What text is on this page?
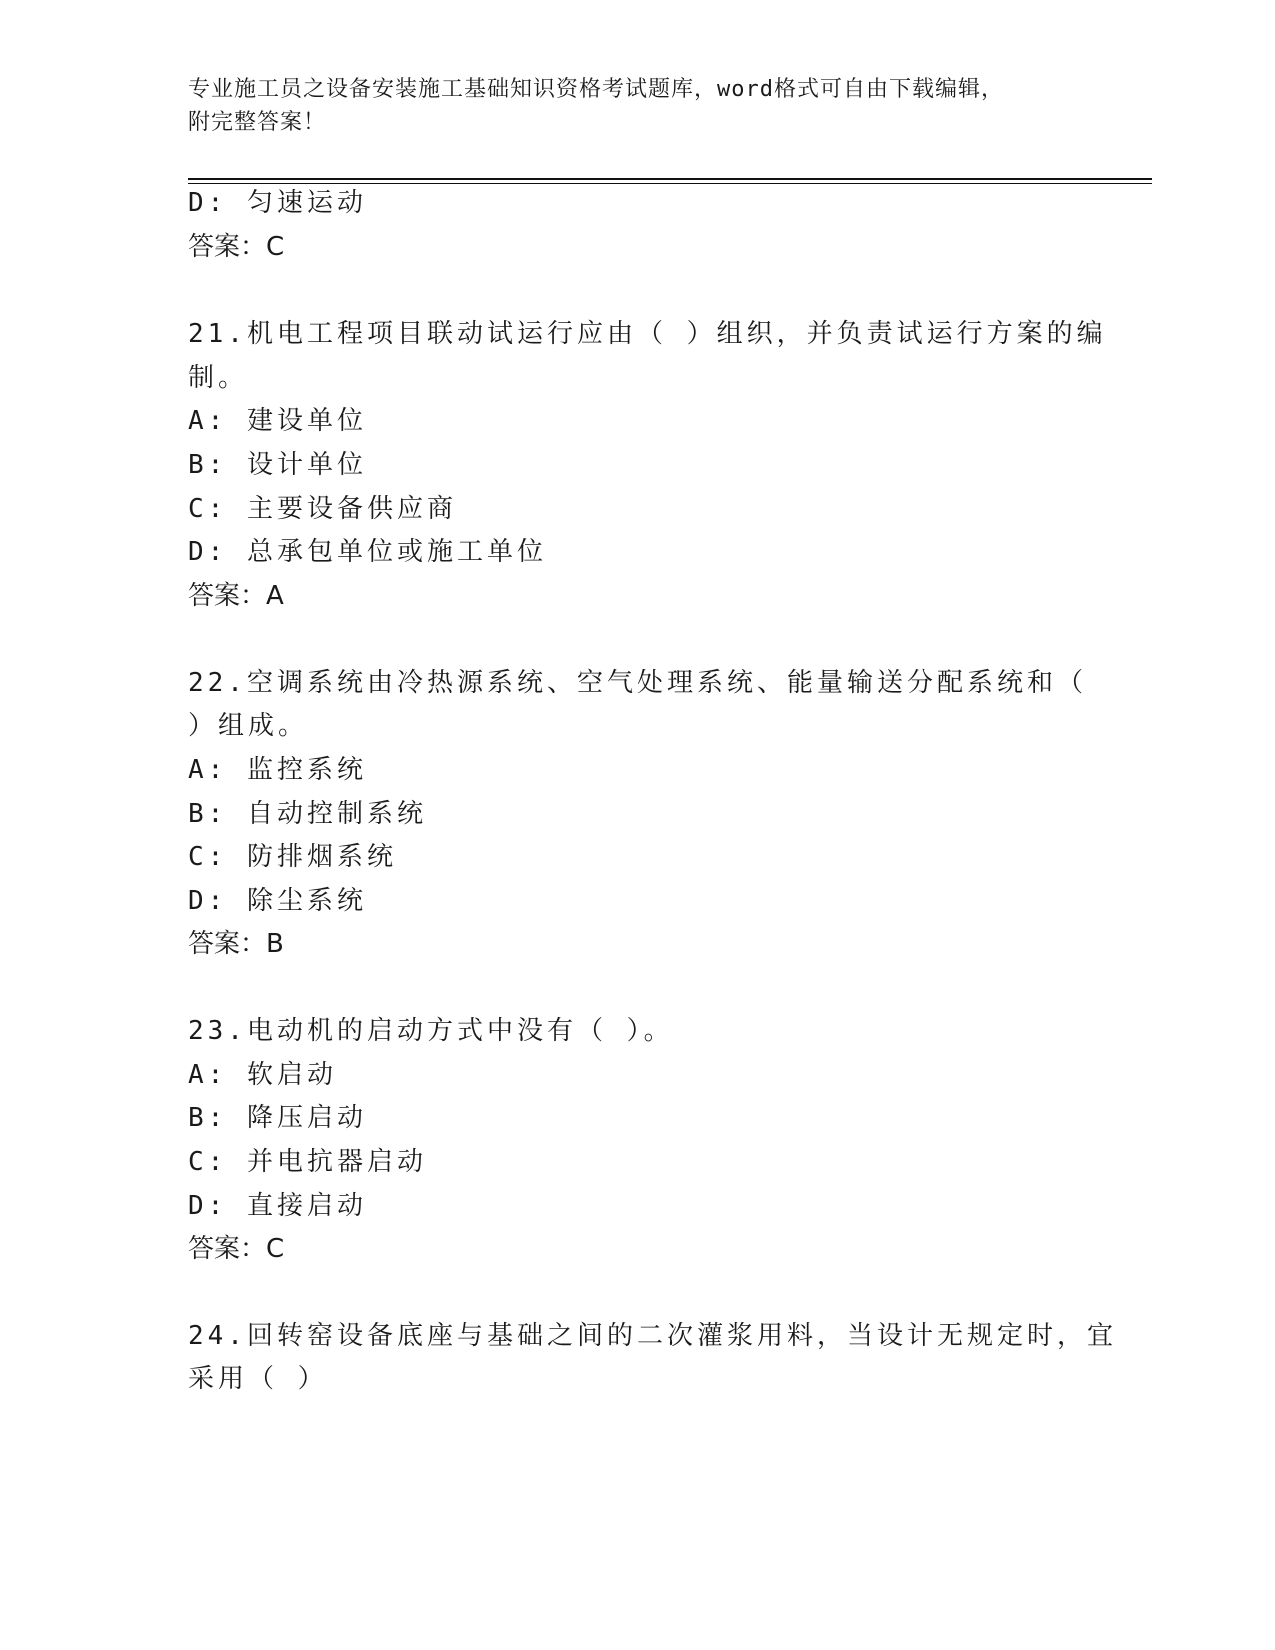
专业施工员之设备安装施工基础知识资格考试题库，word格式可自由下载编辑，
附完整答案！
D: 匀速运动
答案：C
21.机电工程项目联动试运行应由（ ）组织，并负责试运行方案的编
制。
A: 建设单位
B: 设计单位
C: 主要设备供应商
D: 总承包单位或施工单位
答案：A
22.空调系统由冷热源系统、空气处理系统、能量输送分配系统和（
）组成。
A: 监控系统
B: 自动控制系统
C: 防排烟系统
D: 除尘系统
答案：B
23.电动机的启动方式中没有（ ）。
A: 软启动
B: 降压启动
C: 并电抗器启动
D: 直接启动
答案：C
24.回转窑设备底座与基础之间的二次灌浆用料，当设计无规定时，宜
采用（ ）
